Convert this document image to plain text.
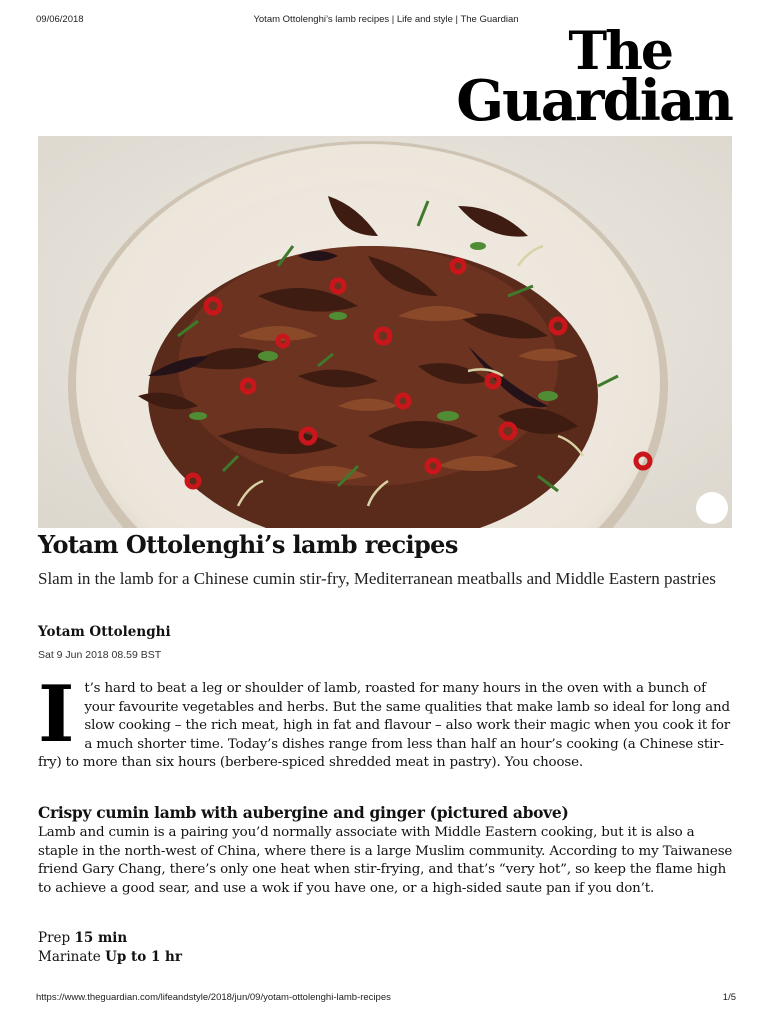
09/06/2018	Yotam Ottolenghi’s lamb recipes | Life and style | The Guardian
The
Guardian
Yotam Ottolenghi’s lamb recipes

Slam in the lamb for a Chinese cumin stir-fry, Mediterranean meatballs and Middle Eastern pastries

Yotam Ottolenghi

Sat 9 Jun 2018 08.59 BST

It’s hard to beat a leg or shoulder of lamb, roasted for many hours in the oven with a bunch of your favourite vegetables and herbs. But the same qualities that make lamb so ideal for long and slow cooking – the rich meat, high in fat and flavour – also work their magic when you cook it for a much shorter time. Today’s dishes range from less than half an hour’s cooking (a Chinese stir-fry) to more than six hours (berbere-spiced shredded meat in pastry). You choose.

Crispy cumin lamb with aubergine and ginger (pictured above)

Lamb and cumin is a pairing you’d normally associate with Middle Eastern cooking, but it is also a staple in the north-west of China, where there is a large Muslim community. According to my Taiwanese friend Gary Chang, there’s only one heat when stir-frying, and that’s “very hot”, so keep the flame high to achieve a good sear, and use a wok if you have one, or a high-sided saute pan if you don’t.

Prep 15 min

Marinate Up to 1 hr

https://www.theguardian.com/lifeandstyle/2018/jun/09/yotam-ottolenghi-lamb-recipes	1/5
